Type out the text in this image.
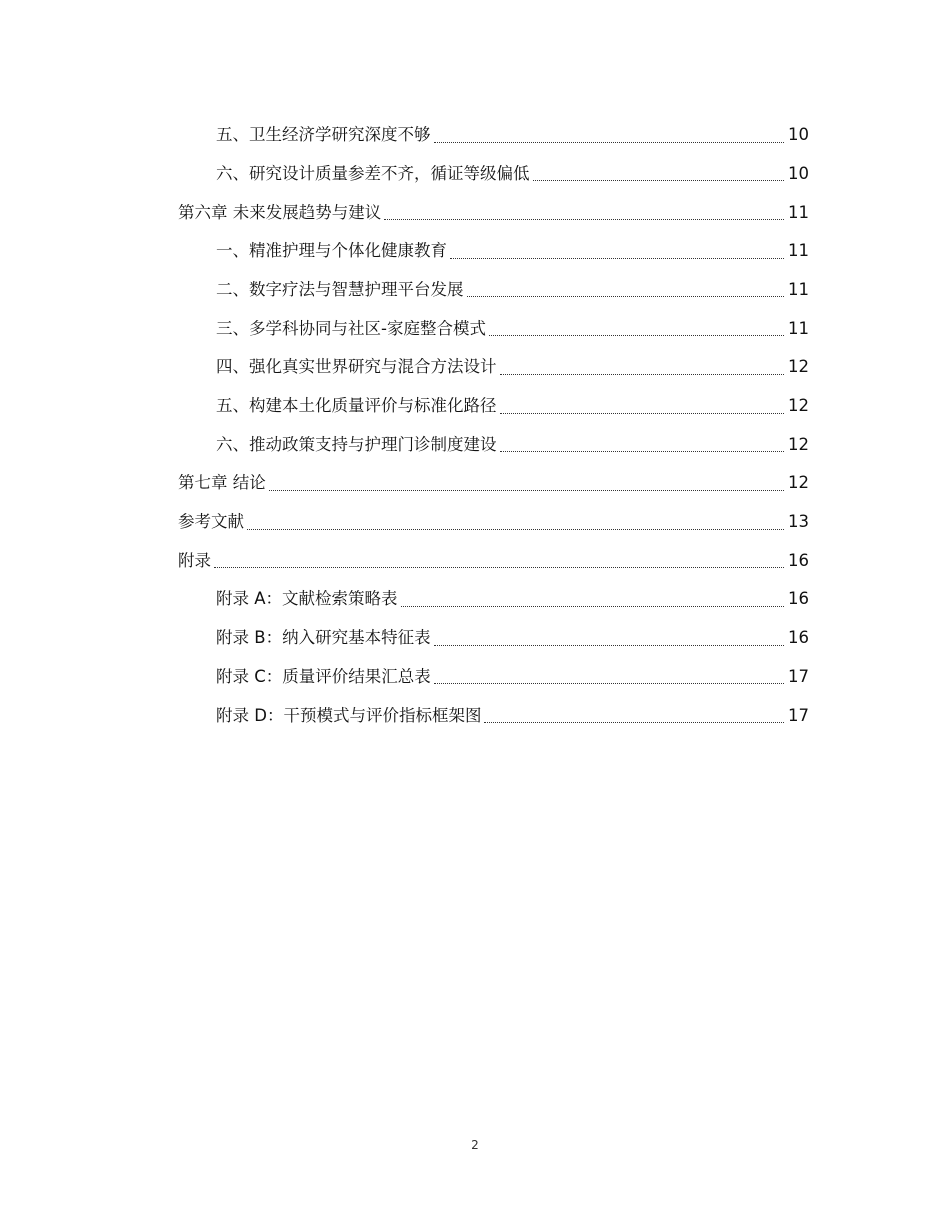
五、卫生经济学研究深度不够	10
六、研究设计质量参差不齐，循证等级偏低	10
第六章 未来发展趋势与建议	11
一、精准护理与个体化健康教育	11
二、数字疗法与智慧护理平台发展	11
三、多学科协同与社区-家庭整合模式	11
四、强化真实世界研究与混合方法设计	12
五、构建本土化质量评价与标准化路径	12
六、推动政策支持与护理门诊制度建设	12
第七章 结论	12
参考文献	13
附录	16
附录 A：文献检索策略表	16
附录 B：纳入研究基本特征表	16
附录 C：质量评价结果汇总表	17
附录 D：干预模式与评价指标框架图	17
2
